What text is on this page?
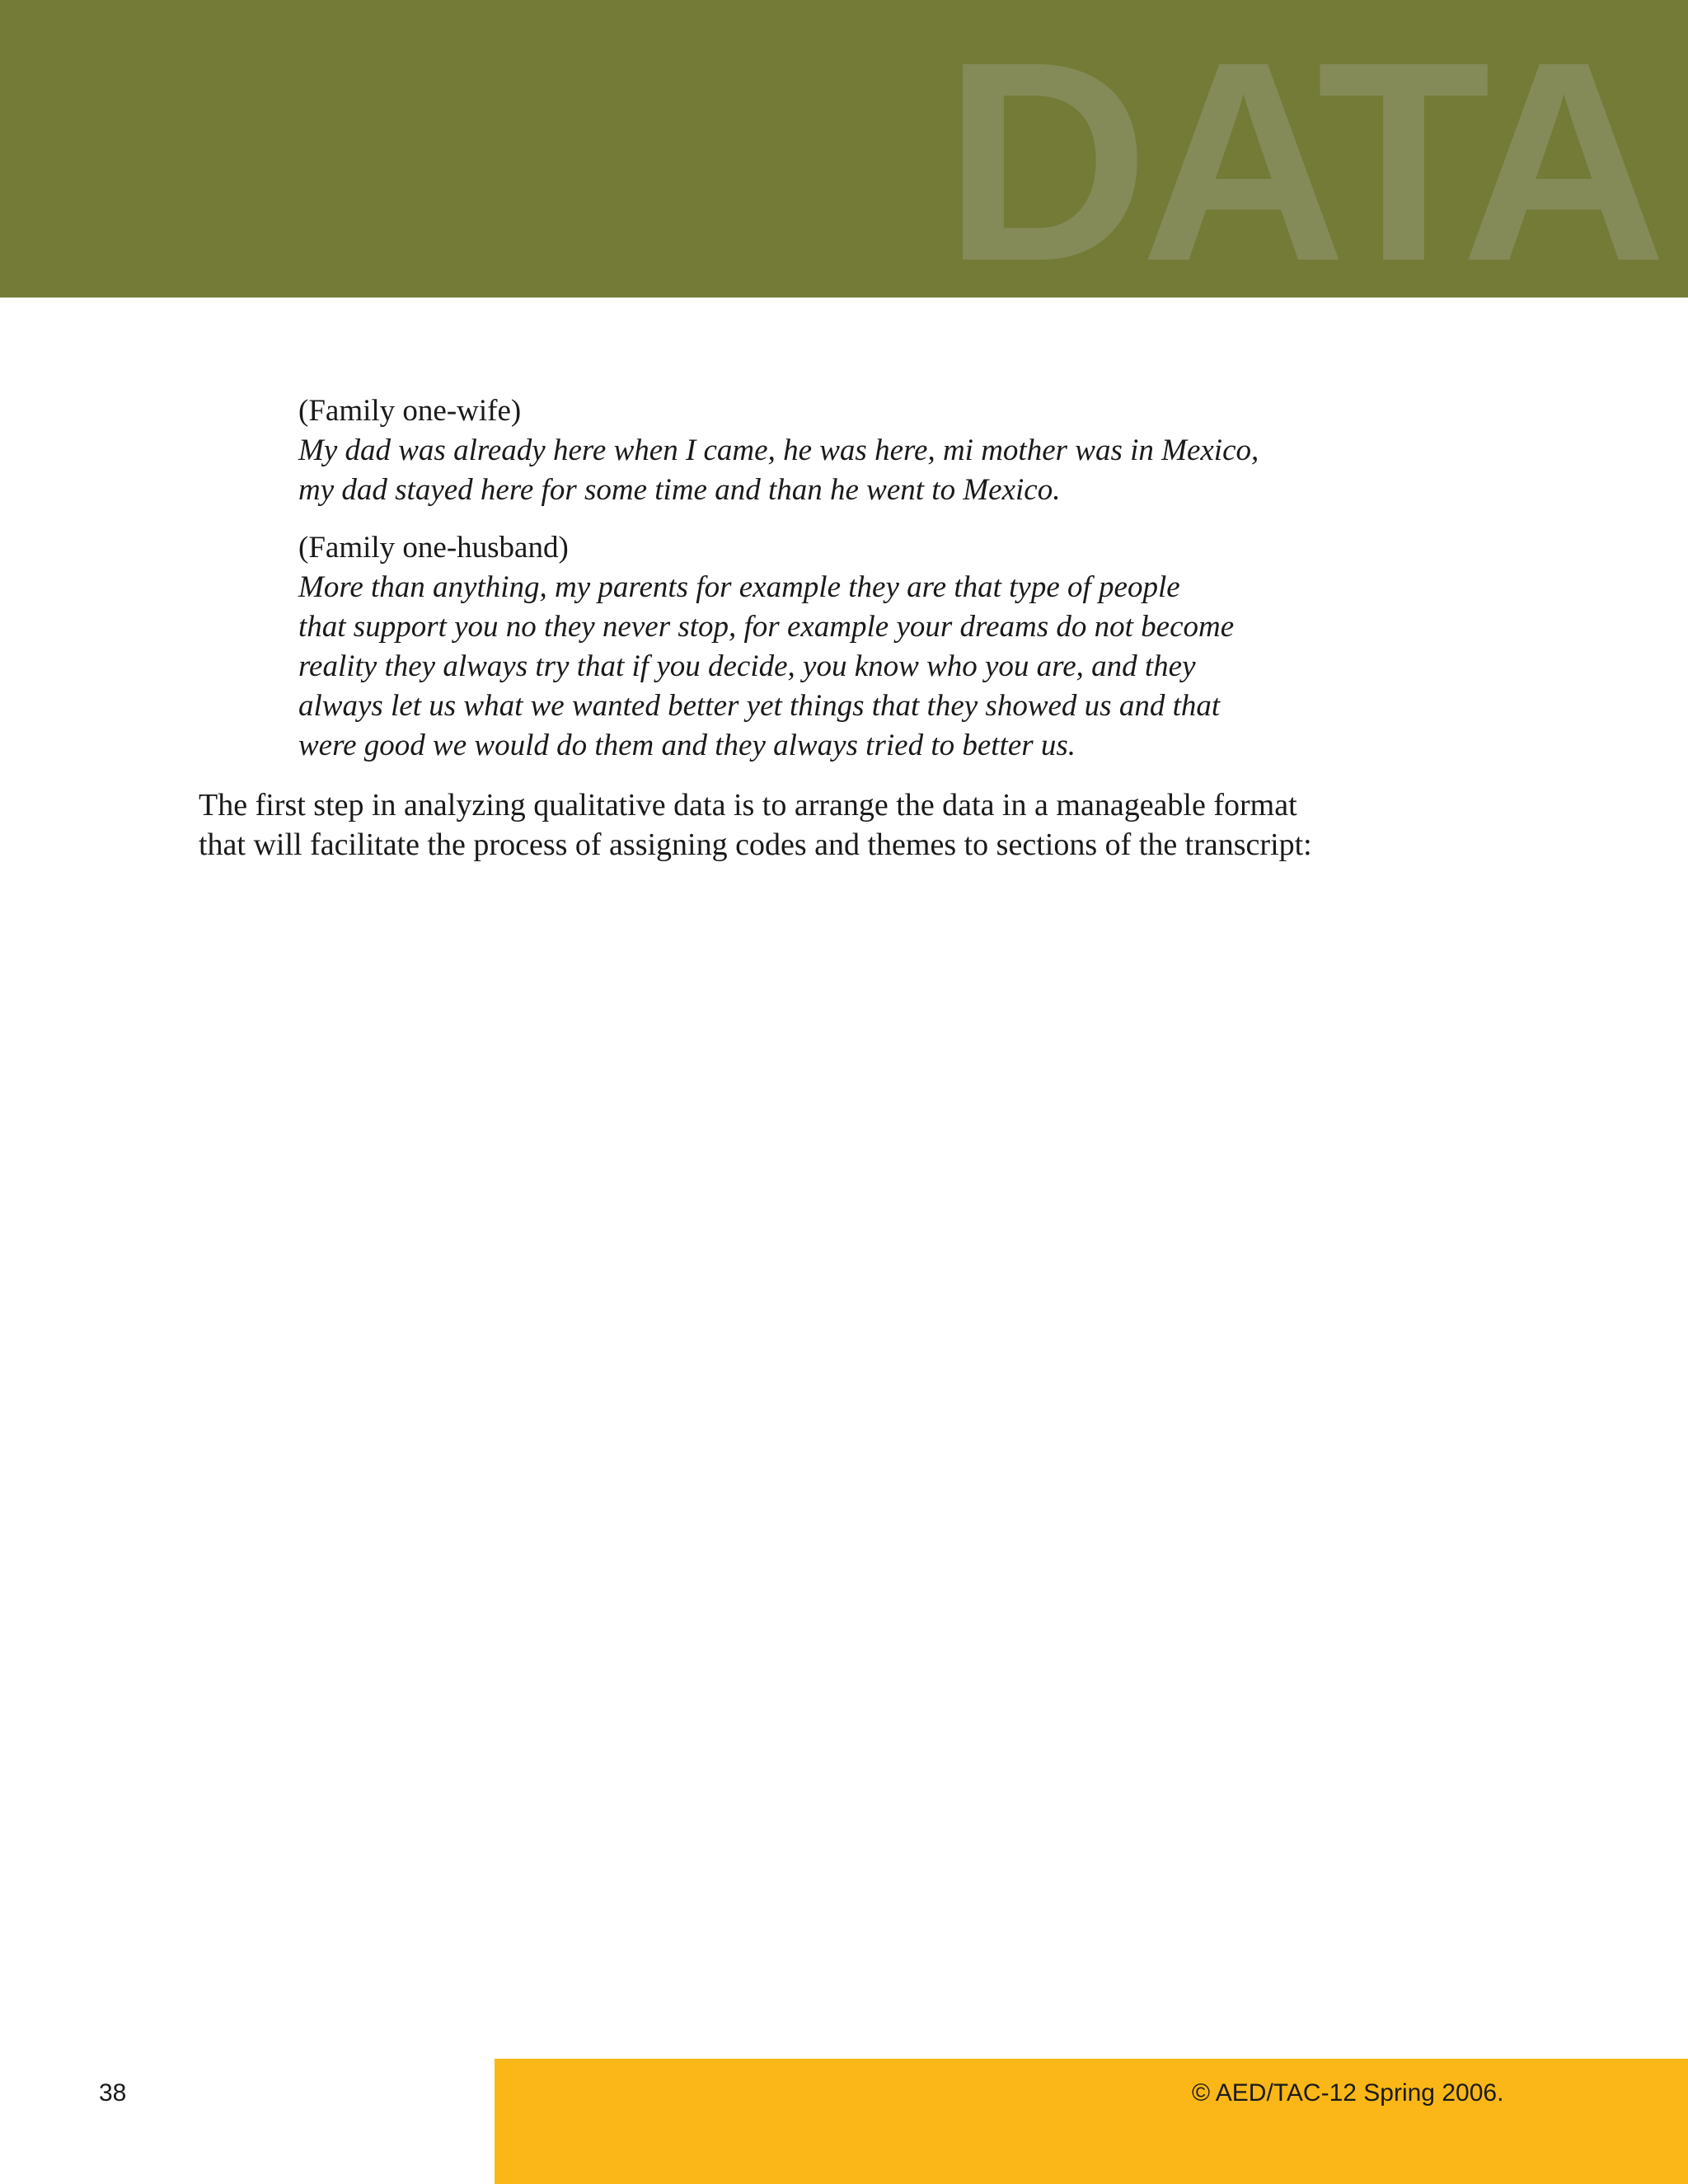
DATA
(Family one-wife)
My dad was already here when I came, he was here, mi mother was in Mexico,
my dad stayed here for some time and than he went to Mexico.
(Family one-husband)
More than anything, my parents for example they are that type of people
that support you no they never stop, for example your dreams do not become
reality they always try that if you decide, you know who you are, and they
always let us what we wanted better yet things that they showed us and that
were good we would do them and they always tried to better us.
The first step in analyzing qualitative data is to arrange the data in a manageable format
that will facilitate the process of assigning codes and themes to sections of the transcript:
38	© AED/TAC-12 Spring 2006.
